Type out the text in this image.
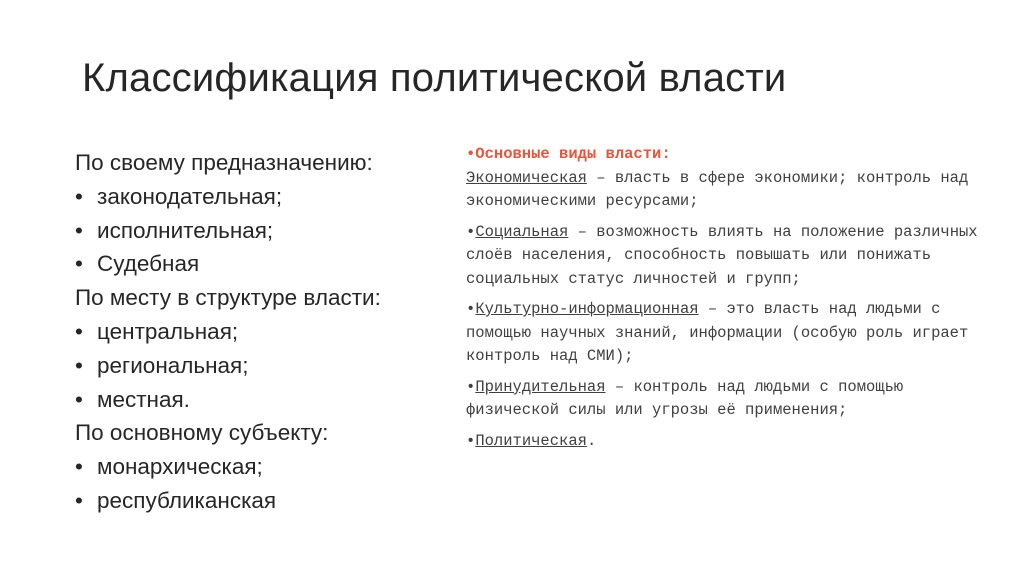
Классификация политической власти
По своему предназначению:
• законодательная;
• исполнительная;
• Судебная
По месту в структуре власти:
• центральная;
• региональная;
• местная.
По основному субъекту:
• монархическая;
• республиканская

•Основные виды власти:
Экономическая – власть в сфере экономики; контроль над экономическими ресурсами;

•Социальная – возможность влиять на положение различных слоёв населения, способность повышать или понижать социальных статус личностей и групп;

•Культурно-информационная – это власть над людьми с помощью научных знаний, информации (особую роль играет контроль над СМИ);

•Принудительная – контроль над людьми с помощью физической силы или угрозы её применения;

•Политическая.
